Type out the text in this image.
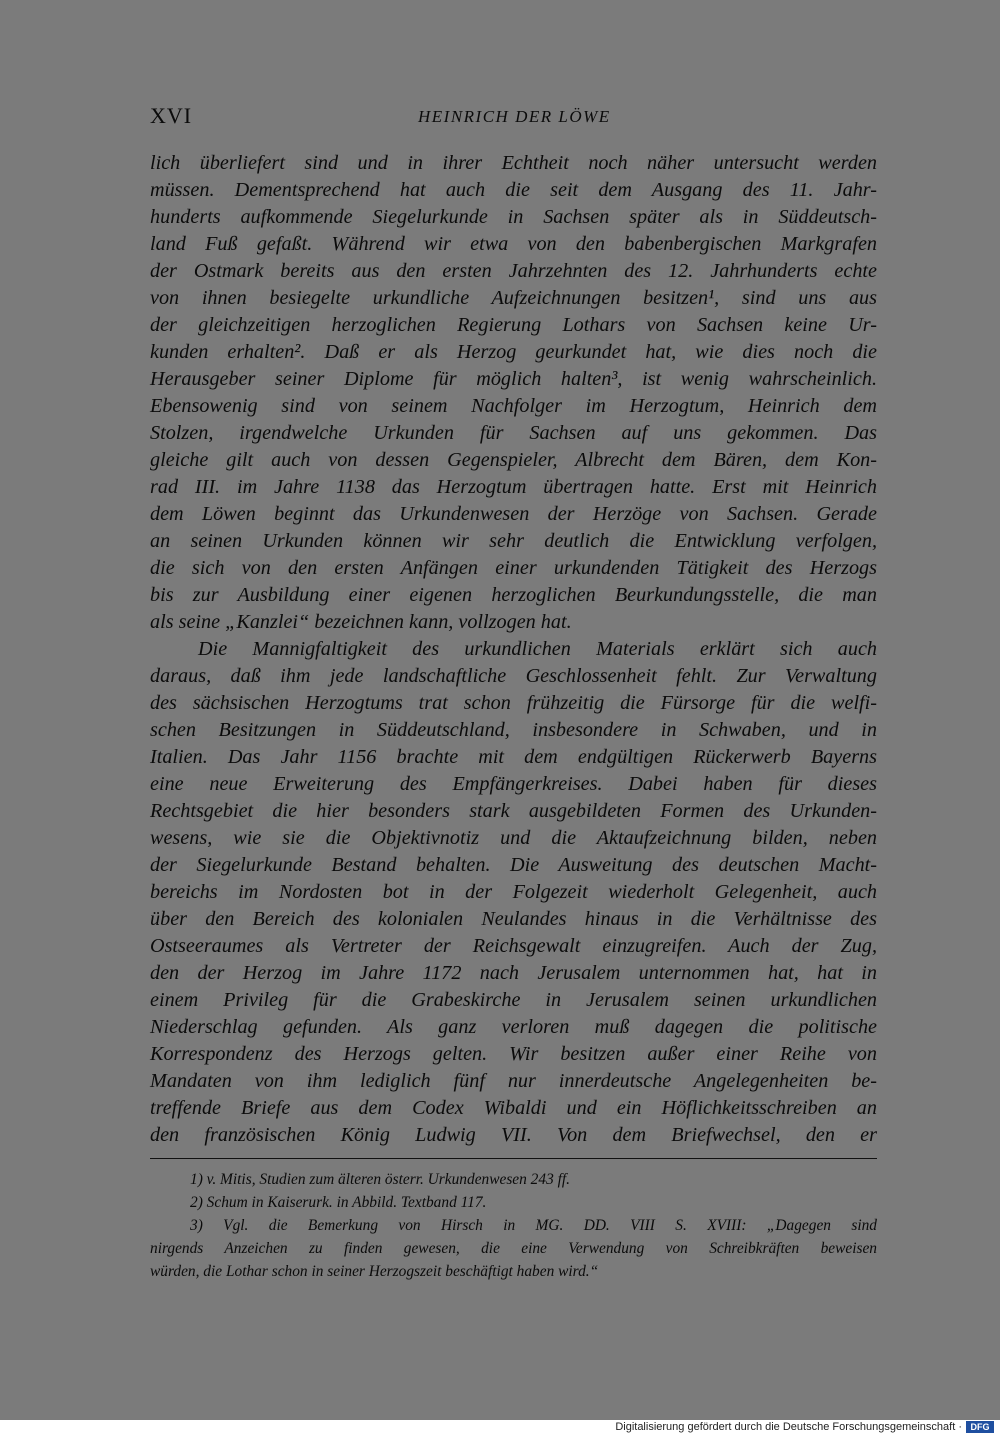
XVI	HEINRICH DER LÖWE
lich überliefert sind und in ihrer Echtheit noch näher untersucht werden
müssen. Dementsprechend hat auch die seit dem Ausgang des 11. Jahr-
hunderts aufkommende Siegelurkunde in Sachsen später als in Süddeutsch-
land Fuß gefaßt. Während wir etwa von den babenbergischen Markgrafen
der Ostmark bereits aus den ersten Jahrzehnten des 12. Jahrhunderts echte
von ihnen besiegelte urkundliche Aufzeichnungen besitzen¹, sind uns aus
der gleichzeitigen herzoglichen Regierung Lothars von Sachsen keine Ur-
kunden erhalten². Daß er als Herzog geurkundet hat, wie dies noch die
Herausgeber seiner Diplome für möglich halten³, ist wenig wahrscheinlich.
Ebensowenig sind von seinem Nachfolger im Herzogtum, Heinrich dem
Stolzen, irgendwelche Urkunden für Sachsen auf uns gekommen. Das
gleiche gilt auch von dessen Gegenspieler, Albrecht dem Bären, dem Kon-
rad III. im Jahre 1138 das Herzogtum übertragen hatte. Erst mit Heinrich
dem Löwen beginnt das Urkundenwesen der Herzöge von Sachsen. Gerade
an seinen Urkunden können wir sehr deutlich die Entwicklung verfolgen,
die sich von den ersten Anfängen einer urkundenden Tätigkeit des Herzogs
bis zur Ausbildung einer eigenen herzoglichen Beurkundungsstelle, die man
als seine „Kanzlei“ bezeichnen kann, vollzogen hat.
Die Mannigfaltigkeit des urkundlichen Materials erklärt sich auch
daraus, daß ihm jede landschaftliche Geschlossenheit fehlt. Zur Verwaltung
des sächsischen Herzogtums trat schon frühzeitig die Fürsorge für die welfi-
schen Besitzungen in Süddeutschland, insbesondere in Schwaben, und in
Italien. Das Jahr 1156 brachte mit dem endgültigen Rückerwerb Bayerns
eine neue Erweiterung des Empfängerkreises. Dabei haben für dieses
Rechtsgebiet die hier besonders stark ausgebildeten Formen des Urkunden-
wesens, wie sie die Objektivnotiz und die Aktaufzeichnung bilden, neben
der Siegelurkunde Bestand behalten. Die Ausweitung des deutschen Macht-
bereichs im Nordosten bot in der Folgezeit wiederholt Gelegenheit, auch
über den Bereich des kolonialen Neulandes hinaus in die Verhältnisse des
Ostseeraumes als Vertreter der Reichsgewalt einzugreifen. Auch der Zug,
den der Herzog im Jahre 1172 nach Jerusalem unternommen hat, hat in
einem Privileg für die Grabeskirche in Jerusalem seinen urkundlichen
Niederschlag gefunden. Als ganz verloren muß dagegen die politische
Korrespondenz des Herzogs gelten. Wir besitzen außer einer Reihe von
Mandaten von ihm lediglich fünf nur innerdeutsche Angelegenheiten be-
treffende Briefe aus dem Codex Wibaldi und ein Höflichkeitsschreiben an
den französischen König Ludwig VII. Von dem Briefwechsel, den er
1) v. Mitis, Studien zum älteren österr. Urkundenwesen 243 ff.
2) Schum in Kaiserurk. in Abbild. Textband 117.
3) Vgl. die Bemerkung von Hirsch in MG. DD. VIII S. XVIII: „Dagegen sind
nirgends Anzeichen zu finden gewesen, die eine Verwendung von Schreibkräften beweisen
würden, die Lothar schon in seiner Herzogszeit beschäftigt haben wird.“
Digitalisierung gefördert durch die Deutsche Forschungsgemeinschaft · DFG
